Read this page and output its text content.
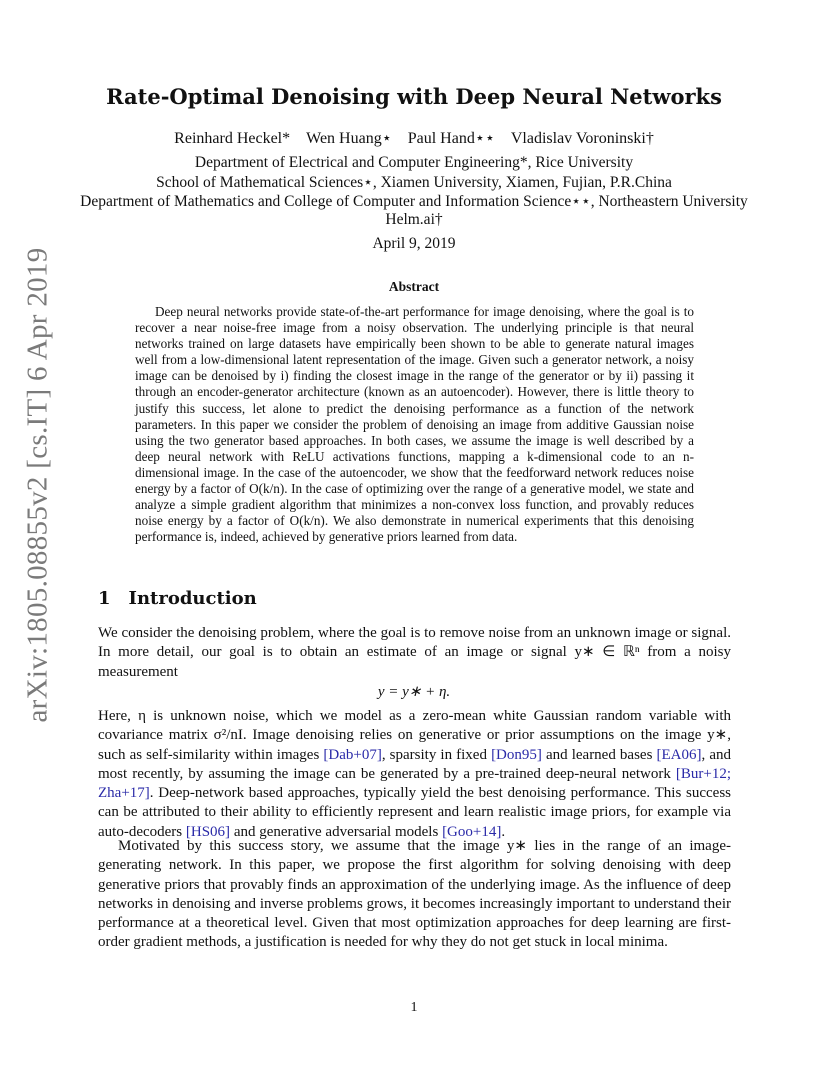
arXiv:1805.08855v2 [cs.IT] 6 Apr 2019
Rate-Optimal Denoising with Deep Neural Networks
Reinhard Heckel* Wen Huang⋆ Paul Hand⋆⋆ Vladislav Voroninski†
Department of Electrical and Computer Engineering*, Rice University
School of Mathematical Sciences⋆, Xiamen University, Xiamen, Fujian, P.R.China
Department of Mathematics and College of Computer and Information Science⋆⋆, Northeastern University
Helm.ai†
April 9, 2019
Abstract
Deep neural networks provide state-of-the-art performance for image denoising, where the goal is to recover a near noise-free image from a noisy observation. The underlying principle is that neural networks trained on large datasets have empirically been shown to be able to generate natural images well from a low-dimensional latent representation of the image. Given such a generator network, a noisy image can be denoised by i) finding the closest image in the range of the generator or by ii) passing it through an encoder-generator architecture (known as an autoencoder). However, there is little theory to justify this success, let alone to predict the denoising performance as a function of the network parameters. In this paper we consider the problem of denoising an image from additive Gaussian noise using the two generator based approaches. In both cases, we assume the image is well described by a deep neural network with ReLU activations functions, mapping a k-dimensional code to an n-dimensional image. In the case of the autoencoder, we show that the feedforward network reduces noise energy by a factor of O(k/n). In the case of optimizing over the range of a generative model, we state and analyze a simple gradient algorithm that minimizes a non-convex loss function, and provably reduces noise energy by a factor of O(k/n). We also demonstrate in numerical experiments that this denoising performance is, indeed, achieved by generative priors learned from data.
1 Introduction
We consider the denoising problem, where the goal is to remove noise from an unknown image or signal. In more detail, our goal is to obtain an estimate of an image or signal y∗ ∈ ℝⁿ from a noisy measurement
y = y∗ + η.
Here, η is unknown noise, which we model as a zero-mean white Gaussian random variable with covariance matrix σ²/nI. Image denoising relies on generative or prior assumptions on the image y∗, such as self-similarity within images [Dab+07], sparsity in fixed [Don95] and learned bases [EA06], and most recently, by assuming the image can be generated by a pre-trained deep-neural network [Bur+12; Zha+17]. Deep-network based approaches, typically yield the best denoising performance. This success can be attributed to their ability to efficiently represent and learn realistic image priors, for example via auto-decoders [HS06] and generative adversarial models [Goo+14].
Motivated by this success story, we assume that the image y∗ lies in the range of an image-generating network. In this paper, we propose the first algorithm for solving denoising with deep generative priors that provably finds an approximation of the underlying image. As the influence of deep networks in denoising and inverse problems grows, it becomes increasingly important to understand their performance at a theoretical level. Given that most optimization approaches for deep learning are first-order gradient methods, a justification is needed for why they do not get stuck in local minima.
1
